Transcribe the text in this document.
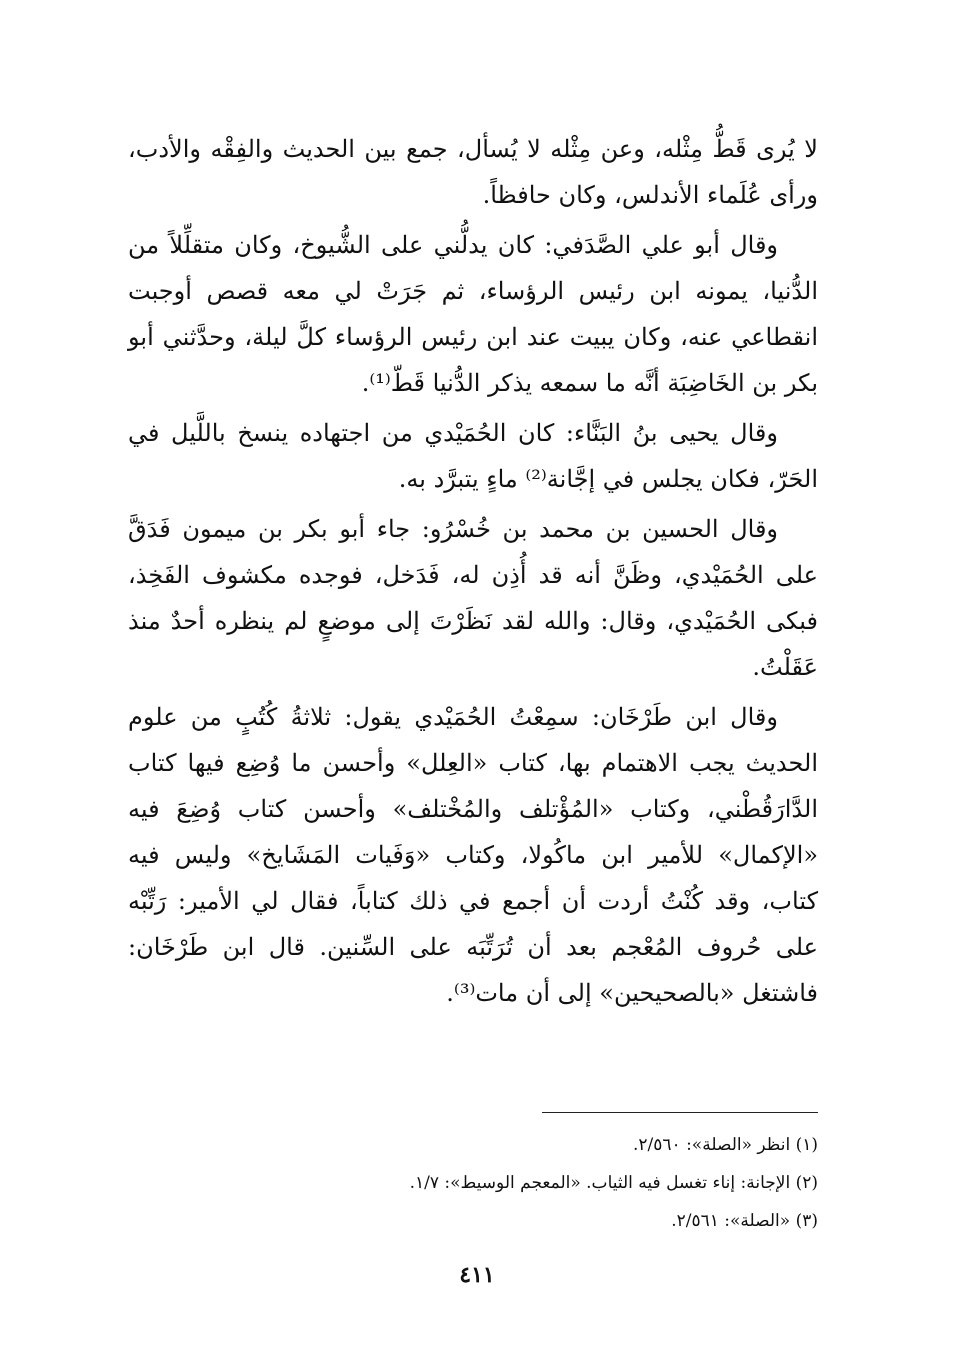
لا يُرى قَطُّ مِثْله، وعن مِثْله لا يُسأل، جمع بين الحديث والفِقْه والأدب، ورأى عُلَماء الأندلس، وكان حافظاً.

وقال أبو علي الصَّدَفي: كان يدلُّني على الشُّيوخ، وكان متقلِّلاً من الدُّنيا، يمونه ابن رئيس الرؤساء، ثم جَرَتْ لي معه قصص أوجبت انقطاعي عنه، وكان يبيت عند ابن رئيس الرؤساء كلَّ ليلة، وحدَّثني أبو بكر بن الخَاضِبَة أنَّه ما سمعه يذكر الدُّنيا قَطّ⁽¹⁾.

وقال يحيى بنُ البَنَّاء: كان الحُمَيْدي من اجتهاده ينسخ باللَّيل في الحَرّ، فكان يجلس في إجَّانة⁽²⁾ ماءٍ يتبرَّد به.

وقال الحسين بن محمد بن خُسْرُو: جاء أبو بكر بن ميمون فَدَقَّ على الحُمَيْدي، وظَنَّ أنه قد أُذِن له، فَدَخل، فوجده مكشوف الفَخِذ، فبكى الحُمَيْدي، وقال: والله لقد نَظَرْتَ إلى موضعٍ لم ينظره أحدٌ منذ عَقَلْتُ.

وقال ابن طَرْخَان: سمِعْتُ الحُمَيْدي يقول: ثلاثةُ كُتُبٍ من علوم الحديث يجب الاهتمام بها، كتاب «العِلل» وأحسن ما وُضِع فيها كتاب الدَّارَقُطْني، وكتاب «المُؤْتلف والمُخْتلف» وأحسن كتاب وُضِعَ فيه «الإكمال» للأمير ابن ماكُولا، وكتاب «وَفَيات المَشَايخ» وليس فيه كتاب، وقد كُنْتُ أردت أن أجمع في ذلك كتاباً، فقال لي الأمير: رَتِّبْه على حُروف المُعْجم بعد أن تُرَتِّبَه على السِّنين. قال ابن طَرْخَان: فاشتغل «بالصحيحين» إلى أن مات⁽³⁾.

(١) انظر «الصلة»: ٢/٥٦٠.

(٢) الإجانة: إناء تغسل فيه الثياب. «المعجم الوسيط»: ١/٧.

(٣) «الصلة»: ٢/٥٦١.

٤١١
